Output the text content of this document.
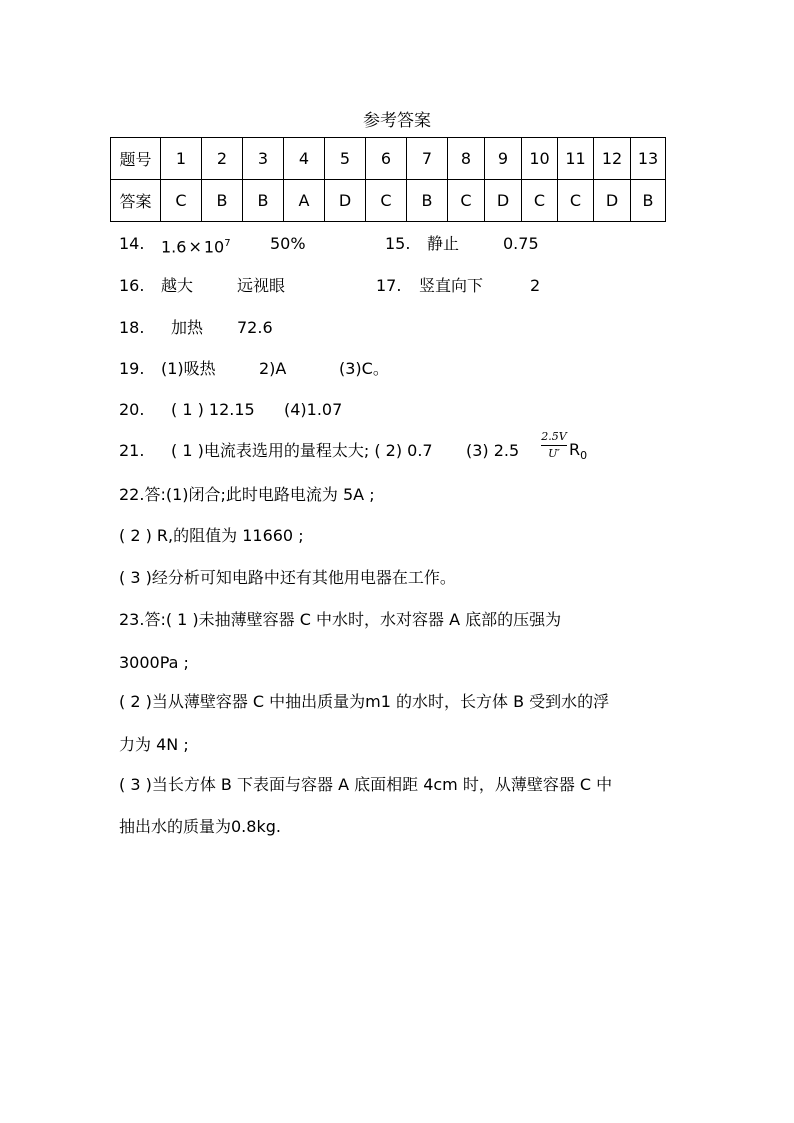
参考答案
题号	1	2	3	4	5	6	7	8	9	10	11	12	13
答案	C	B	B	A	D	C	B	C	D	C	C	D	B
14. $1.6 \times 10^7$ 50%	15. 静止	0.75
16. 越大	远视眼	17. 竖直向下	2
18. 加热 72.6
19. (1)吸热	2)A	(3)C。
20. ( 1 ) 12.15 (4)1.07
21. ( 1 )电流表选用的量程太大; ( 2) 0.7 (3) $2.5 \frac{2.5V}{U'} R_0$
22.答:(1)闭合;此时电路电流为 5A ;
( 2 ) R,的阻值为 11660 ;
( 3 )经分析可知电路中还有其他用电器在工作。
23.答:( 1 )未抽薄壁容器 C 中水时，水对容器 A 底部的压强为
3000Pa ;
( 2 )当从薄壁容器 C 中抽出质量为m1 的水时，长方体 B 受到水的浮
力为 4N ;
( 3 )当长方体 B 下表面与容器 A 底面相距 4cm 时，从薄壁容器 C 中
抽出水的质量为0.8kg.
